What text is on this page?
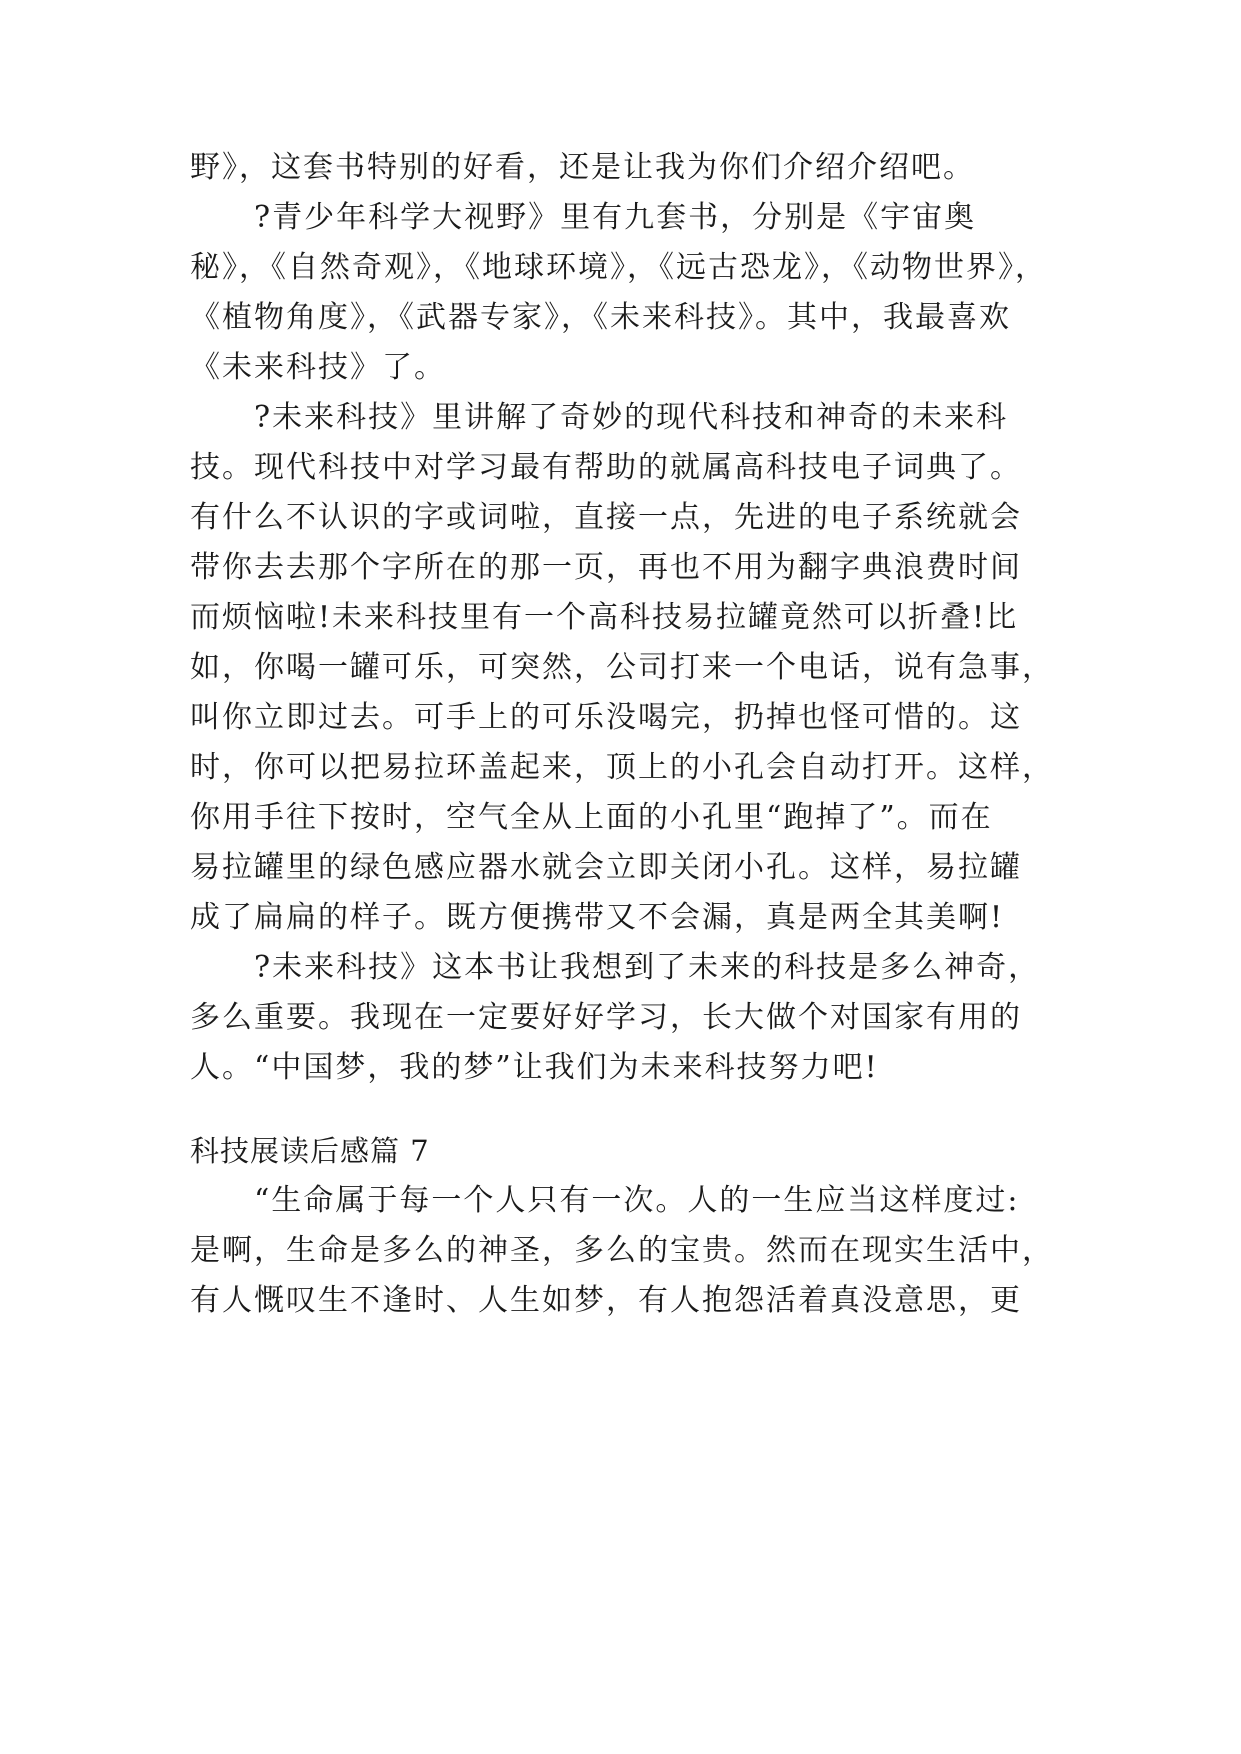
野》，这套书特别的好看，还是让我为你们介绍介绍吧。
　　?青少年科学大视野》里有九套书，分别是《宇宙奥
秘》，《自然奇观》，《地球环境》，《远古恐龙》，《动物世界》，
《植物角度》，《武器专家》，《未来科技》。其中，我最喜欢
《未来科技》了。
　　?未来科技》里讲解了奇妙的现代科技和神奇的未来科
技。现代科技中对学习最有帮助的就属高科技电子词典了。
有什么不认识的字或词啦，直接一点，先进的电子系统就会
带你去去那个字所在的那一页，再也不用为翻字典浪费时间
而烦恼啦!未来科技里有一个高科技易拉罐竟然可以折叠!比
如，你喝一罐可乐，可突然，公司打来一个电话，说有急事，
叫你立即过去。可手上的可乐没喝完，扔掉也怪可惜的。这
时，你可以把易拉环盖起来，顶上的小孔会自动打开。这样，
你用手往下按时，空气全从上面的小孔里“跑掉了”。而在
易拉罐里的绿色感应器水就会立即关闭小孔。这样，易拉罐
成了扁扁的样子。既方便携带又不会漏，真是两全其美啊!
　　?未来科技》这本书让我想到了未来的科技是多么神奇，
多么重要。我现在一定要好好学习，长大做个对国家有用的
人。“中国梦，我的梦”让我们为未来科技努力吧!
科技展读后感篇 7
　　“生命属于每一个人只有一次。人的一生应当这样度过:
是啊，生命是多么的神圣，多么的宝贵。然而在现实生活中，
有人慨叹生不逢时、人生如梦，有人抱怨活着真没意思，更
